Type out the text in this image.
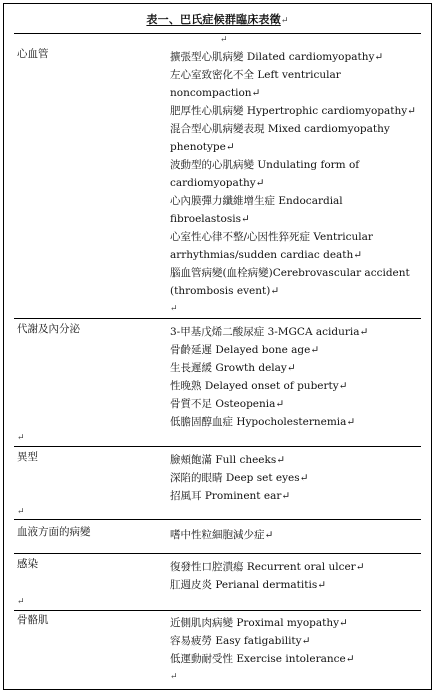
表一、巴氏症候群臨床表徵↵
↵
心血管	擴張型心肌病變 Dilated cardiomyopathy↵

左心室致密化不全 Left ventricular noncompaction↵

肥厚性心肌病變 Hypertrophic cardiomyopathy↵

混合型心肌病變表現 Mixed cardiomyopathy phenotype↵

波動型的心肌病變 Undulating form of cardiomyopathy↵

心內膜彈力纖維增生症 Endocardial fibroelastosis↵

心室性心律不整/心因性猝死症 Ventricular arrhythmias/sudden cardiac death↵

腦血管病變(血栓病變)Cerebrovascular accident (thrombosis event)↵

↵

代謝及內分泌	3-甲基戊烯二酸尿症 3-MGCA aciduria↵

骨齡延遲 Delayed bone age↵

生長遲緩 Growth delay↵

性晚熟 Delayed onset of puberty↵

骨質不足 Osteopenia↵

低膽固醇血症 Hypocholesternemia↵

↵
異型	臉頰飽滿 Full cheeks↵

深陷的眼睛 Deep set eyes↵

招風耳 Prominent ear↵

↵
血液方面的病變	嗜中性粒細胞減少症↵

感染	復發性口腔潰瘍 Recurrent oral ulcer↵

肛週皮炎 Perianal dermatitis↵

↵
骨骼肌	近側肌肉病變 Proximal myopathy↵

容易疲勞 Easy fatigability↵

低運動耐受性 Exercise intolerance↵

↵
